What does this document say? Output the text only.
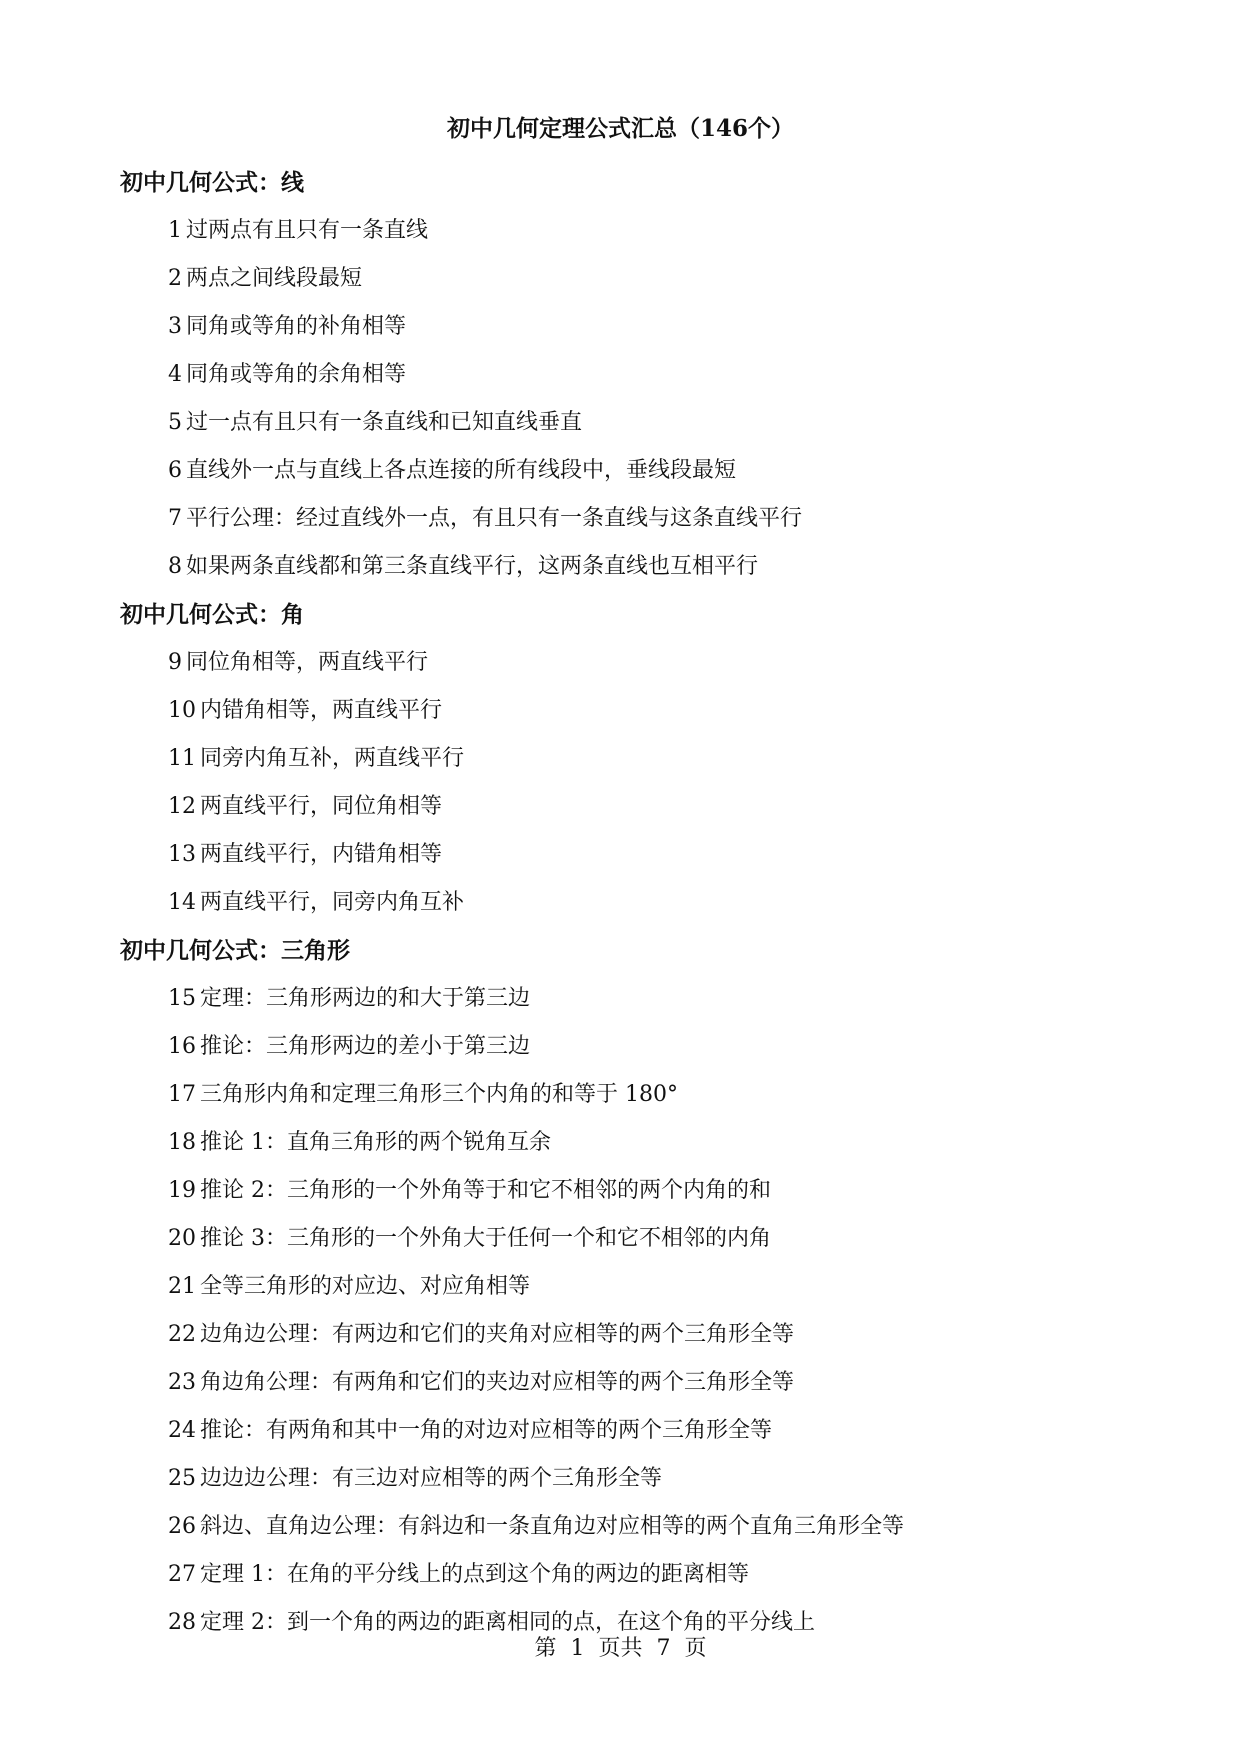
初中几何定理公式汇总（146个）
初中几何公式：线
1 过两点有且只有一条直线
2 两点之间线段最短
3 同角或等角的补角相等
4 同角或等角的余角相等
5 过一点有且只有一条直线和已知直线垂直
6 直线外一点与直线上各点连接的所有线段中，垂线段最短
7 平行公理：经过直线外一点，有且只有一条直线与这条直线平行
8 如果两条直线都和第三条直线平行，这两条直线也互相平行
初中几何公式：角
9 同位角相等，两直线平行
10 内错角相等，两直线平行
11 同旁内角互补，两直线平行
12 两直线平行，同位角相等
13 两直线平行，内错角相等
14 两直线平行，同旁内角互补
初中几何公式：三角形
15 定理：三角形两边的和大于第三边
16 推论：三角形两边的差小于第三边
17 三角形内角和定理三角形三个内角的和等于 180°
18 推论 1：直角三角形的两个锐角互余
19 推论 2：三角形的一个外角等于和它不相邻的两个内角的和
20 推论 3：三角形的一个外角大于任何一个和它不相邻的内角
21 全等三角形的对应边、对应角相等
22 边角边公理：有两边和它们的夹角对应相等的两个三角形全等
23 角边角公理：有两角和它们的夹边对应相等的两个三角形全等
24 推论：有两角和其中一角的对边对应相等的两个三角形全等
25 边边边公理：有三边对应相等的两个三角形全等
26 斜边、直角边公理：有斜边和一条直角边对应相等的两个直角三角形全等
27 定理 1：在角的平分线上的点到这个角的两边的距离相等
28 定理 2：到一个角的两边的距离相同的点，在这个角的平分线上
第  1  页共  7  页
